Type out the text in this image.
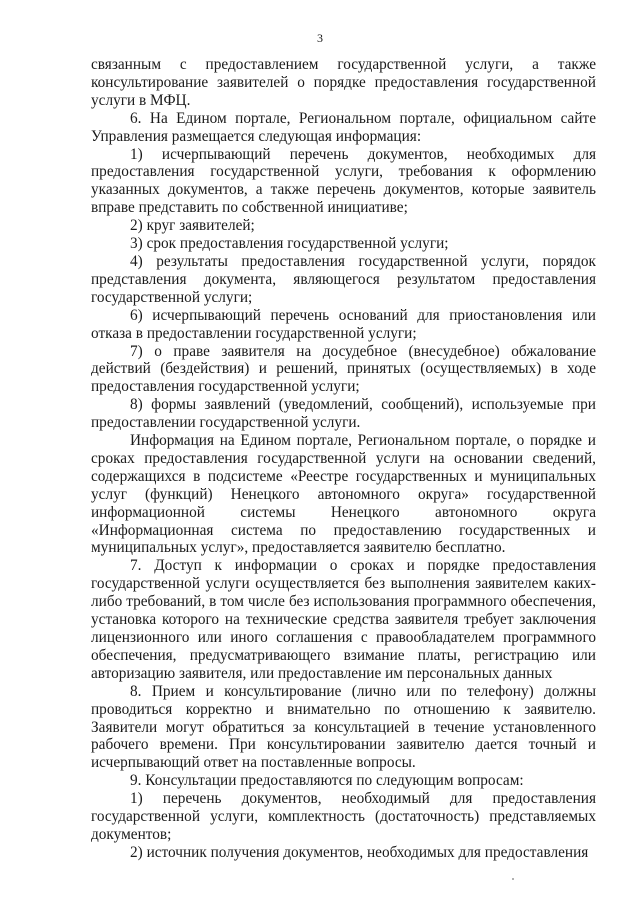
3

связанным с предоставлением государственной услуги, а также консультирование заявителей о порядке предоставления государственной услуги в МФЦ.

6. На Едином портале, Региональном портале, официальном сайте Управления размещается следующая информация:

1) исчерпывающий перечень документов, необходимых для предоставления государственной услуги, требования к оформлению указанных документов, а также перечень документов, которые заявитель вправе представить по собственной инициативе;

2) круг заявителей;

3) срок предоставления государственной услуги;

4) результаты предоставления государственной услуги, порядок представления документа, являющегося результатом предоставления государственной услуги;

6) исчерпывающий перечень оснований для приостановления или отказа в предоставлении государственной услуги;

7) о праве заявителя на досудебное (внесудебное) обжалование действий (бездействия) и решений, принятых (осуществляемых) в ходе предоставления государственной услуги;

8) формы заявлений (уведомлений, сообщений), используемые при предоставлении государственной услуги.

Информация на Едином портале, Региональном портале, о порядке и сроках предоставления государственной услуги на основании сведений, содержащихся в подсистеме «Реестре государственных и муниципальных услуг (функций) Ненецкого автономного округа» государственной информационной системы Ненецкого автономного округа «Информационная система по предоставлению государственных и муниципальных услуг», предоставляется заявителю бесплатно.

7. Доступ к информации о сроках и порядке предоставления государственной услуги осуществляется без выполнения заявителем каких-либо требований, в том числе без использования программного обеспечения, установка которого на технические средства заявителя требует заключения лицензионного или иного соглашения с правообладателем программного обеспечения, предусматривающего взимание платы, регистрацию или авторизацию заявителя, или предоставление им персональных данных

8. Прием и консультирование (лично или по телефону) должны проводиться корректно и внимательно по отношению к заявителю. Заявители могут обратиться за консультацией в течение установленного рабочего времени. При консультировании заявителю дается точный и исчерпывающий ответ на поставленные вопросы.

9. Консультации предоставляются по следующим вопросам:

1) перечень документов, необходимый для предоставления государственной услуги, комплектность (достаточность) представляемых документов;

2) источник получения документов, необходимых для предоставления
